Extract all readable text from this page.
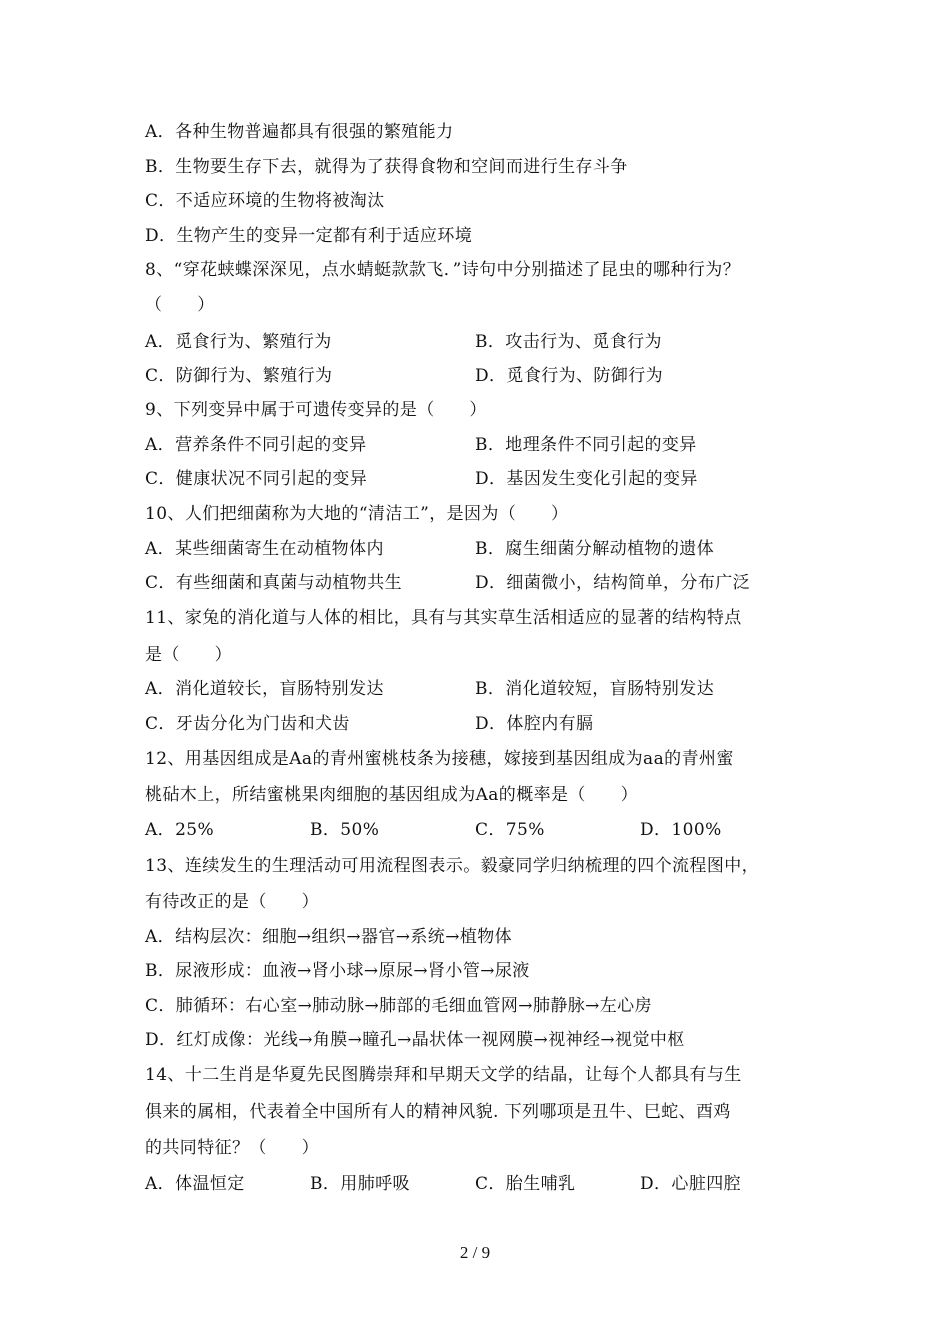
A．各种生物普遍都具有很强的繁殖能力
B．生物要生存下去，就得为了获得食物和空间而进行生存斗争
C．不适应环境的生物将被淘汰
D．生物产生的变异一定都有利于适应环境
8、“穿花蛱蝶深深见，点水蜻蜓款款飞．”诗句中分别描述了昆虫的哪种行为？
（　　）
A．觅食行为、繁殖行为	B．攻击行为、觅食行为
C．防御行为、繁殖行为	D．觅食行为、防御行为
9、下列变异中属于可遗传变异的是（　　）
A．营养条件不同引起的变异	B．地理条件不同引起的变异
C．健康状况不同引起的变异	D．基因发生变化引起的变异
10、人们把细菌称为大地的“清洁工”，是因为（　　）
A．某些细菌寄生在动植物体内	B．腐生细菌分解动植物的遗体
C．有些细菌和真菌与动植物共生	D．细菌微小，结构简单，分布广泛
11、家兔的消化道与人体的相比，具有与其实草生活相适应的显著的结构特点
是（　　）
A．消化道较长，盲肠特别发达	B．消化道较短，盲肠特别发达
C．牙齿分化为门齿和犬齿	D．体腔内有膈
12、用基因组成是Aa的青州蜜桃枝条为接穗，嫁接到基因组成为aa的青州蜜
桃砧木上，所结蜜桃果肉细胞的基因组成为Aa的概率是（　　）
A．25%	B．50%	C．75%	D．100%
13、连续发生的生理活动可用流程图表示。毅豪同学归纳梳理的四个流程图中，
有待改正的是（　　）
A．结构层次：细胞→组织→器官→系统→植物体
B．尿液形成：血液→肾小球→原尿→肾小管→尿液
C．肺循环：右心室→肺动脉→肺部的毛细血管网→肺静脉→左心房
D．红灯成像：光线→角膜→瞳孔→晶状体一视网膜→视神经→视觉中枢
14、十二生肖是华夏先民图腾崇拜和早期天文学的结晶，让每个人都具有与生
俱来的属相，代表着全中国所有人的精神风貌. 下列哪项是丑牛、巳蛇、酉鸡
的共同特征？（　　）
A．体温恒定	B．用肺呼吸	C．胎生哺乳	D．心脏四腔
2 / 9
